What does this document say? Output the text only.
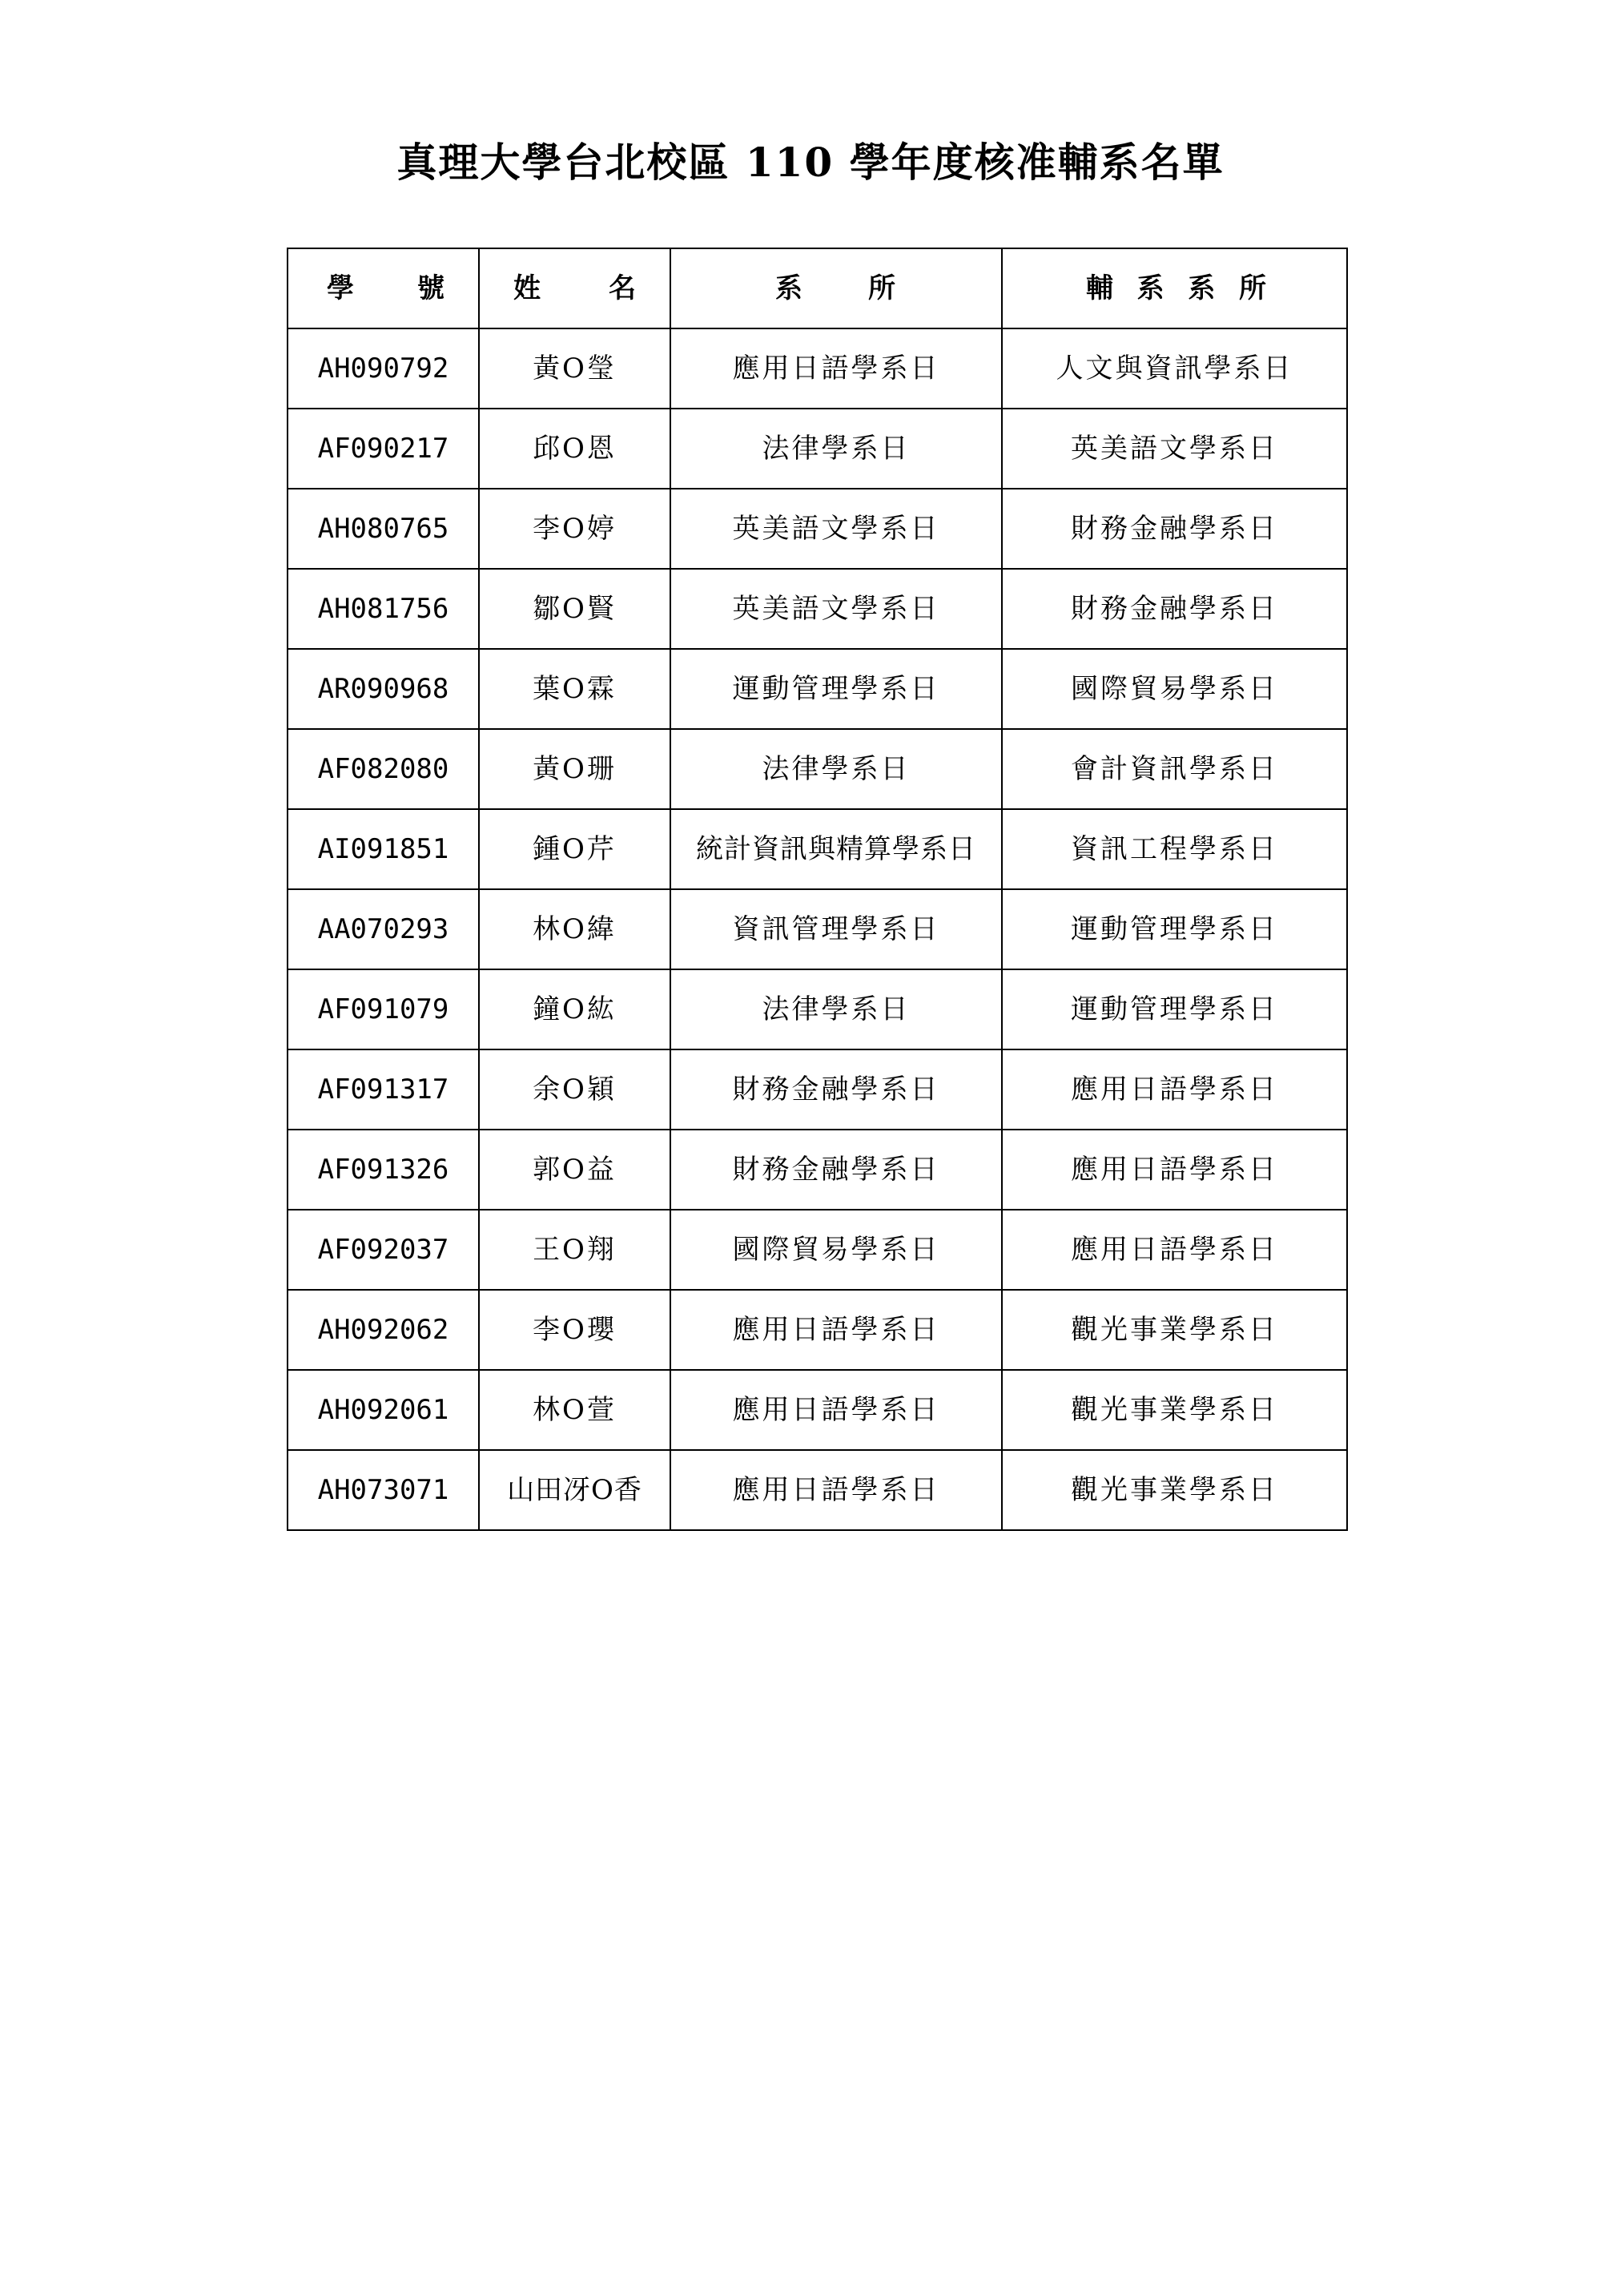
真理大學台北校區 110 學年度核准輔系名單
學 號	姓 名	系 所	輔 系 系 所

AH090792	黃O瑩	應用日語學系日	人文與資訊學系日
AF090217	邱O恩	法律學系日	英美語文學系日
AH080765	李O婷	英美語文學系日	財務金融學系日
AH081756	鄒O賢	英美語文學系日	財務金融學系日
AR090968	葉O霖	運動管理學系日	國際貿易學系日
AF082080	黃O珊	法律學系日	會計資訊學系日
AI091851	鍾O芹	統計資訊與精算學系日	資訊工程學系日
AA070293	林O緯	資訊管理學系日	運動管理學系日
AF091079	鐘O紘	法律學系日	運動管理學系日
AF091317	余O穎	財務金融學系日	應用日語學系日
AF091326	郭O益	財務金融學系日	應用日語學系日
AF092037	王O翔	國際貿易學系日	應用日語學系日
AH092062	李O瓔	應用日語學系日	觀光事業學系日
AH092061	林O萱	應用日語學系日	觀光事業學系日
AH073071	山田冴O香	應用日語學系日	觀光事業學系日
